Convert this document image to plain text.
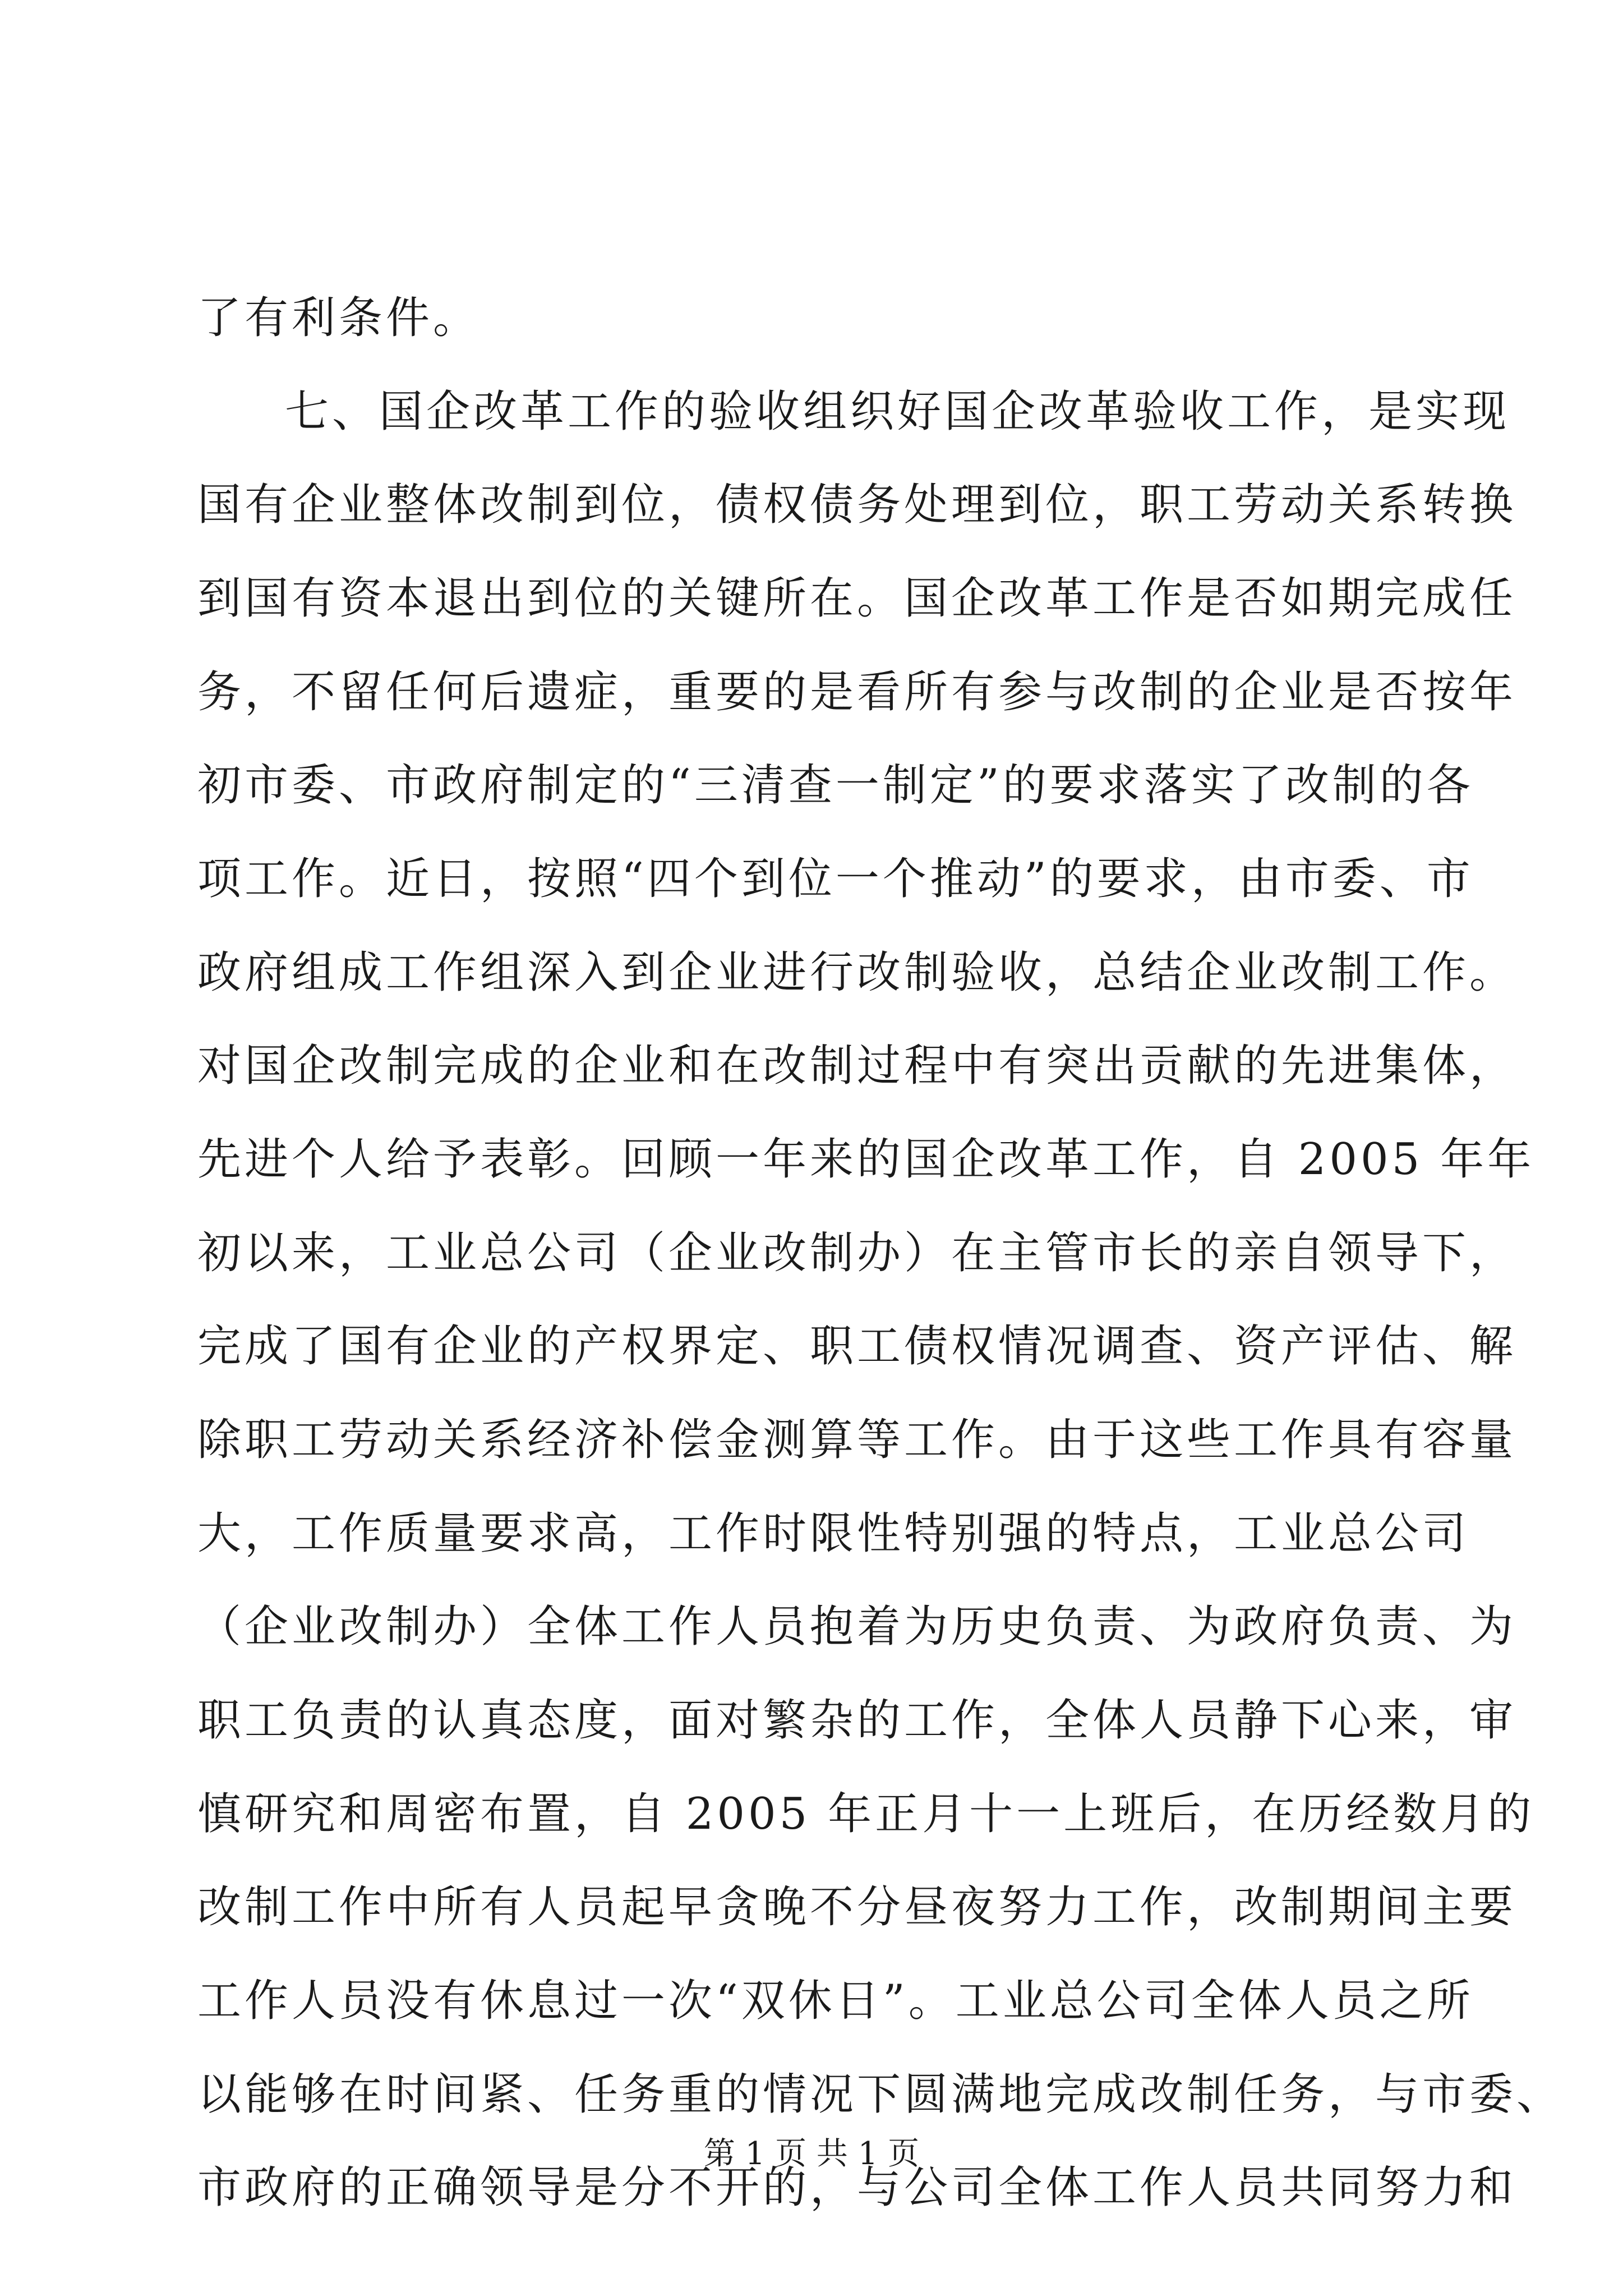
了有利条件。
七、国企改革工作的验收组织好国企改革验收工作，是实现
国有企业整体改制到位，债权债务处理到位，职工劳动关系转换
到国有资本退出到位的关键所在。国企改革工作是否如期完成任
务，不留任何后遗症，重要的是看所有参与改制的企业是否按年
初市委、市政府制定的“三清查一制定”的要求落实了改制的各
项工作。近日，按照“四个到位一个推动”的要求，由市委、市
政府组成工作组深入到企业进行改制验收，总结企业改制工作。
对国企改制完成的企业和在改制过程中有突出贡献的先进集体，
先进个人给予表彰。回顾一年来的国企改革工作，自 2005 年年
初以来，工业总公司（企业改制办）在主管市长的亲自领导下，
完成了国有企业的产权界定、职工债权情况调查、资产评估、解
除职工劳动关系经济补偿金测算等工作。由于这些工作具有容量
大，工作质量要求高，工作时限性特别强的特点，工业总公司
（企业改制办）全体工作人员抱着为历史负责、为政府负责、为
职工负责的认真态度，面对繁杂的工作，全体人员静下心来，审
慎研究和周密布置，自 2005 年正月十一上班后，在历经数月的
改制工作中所有人员起早贪晚不分昼夜努力工作，改制期间主要
工作人员没有休息过一次“双休日”。工业总公司全体人员之所
以能够在时间紧、任务重的情况下圆满地完成改制任务，与市委、
市政府的正确领导是分不开的，与公司全体工作人员共同努力和
第 1 页 共 1 页
